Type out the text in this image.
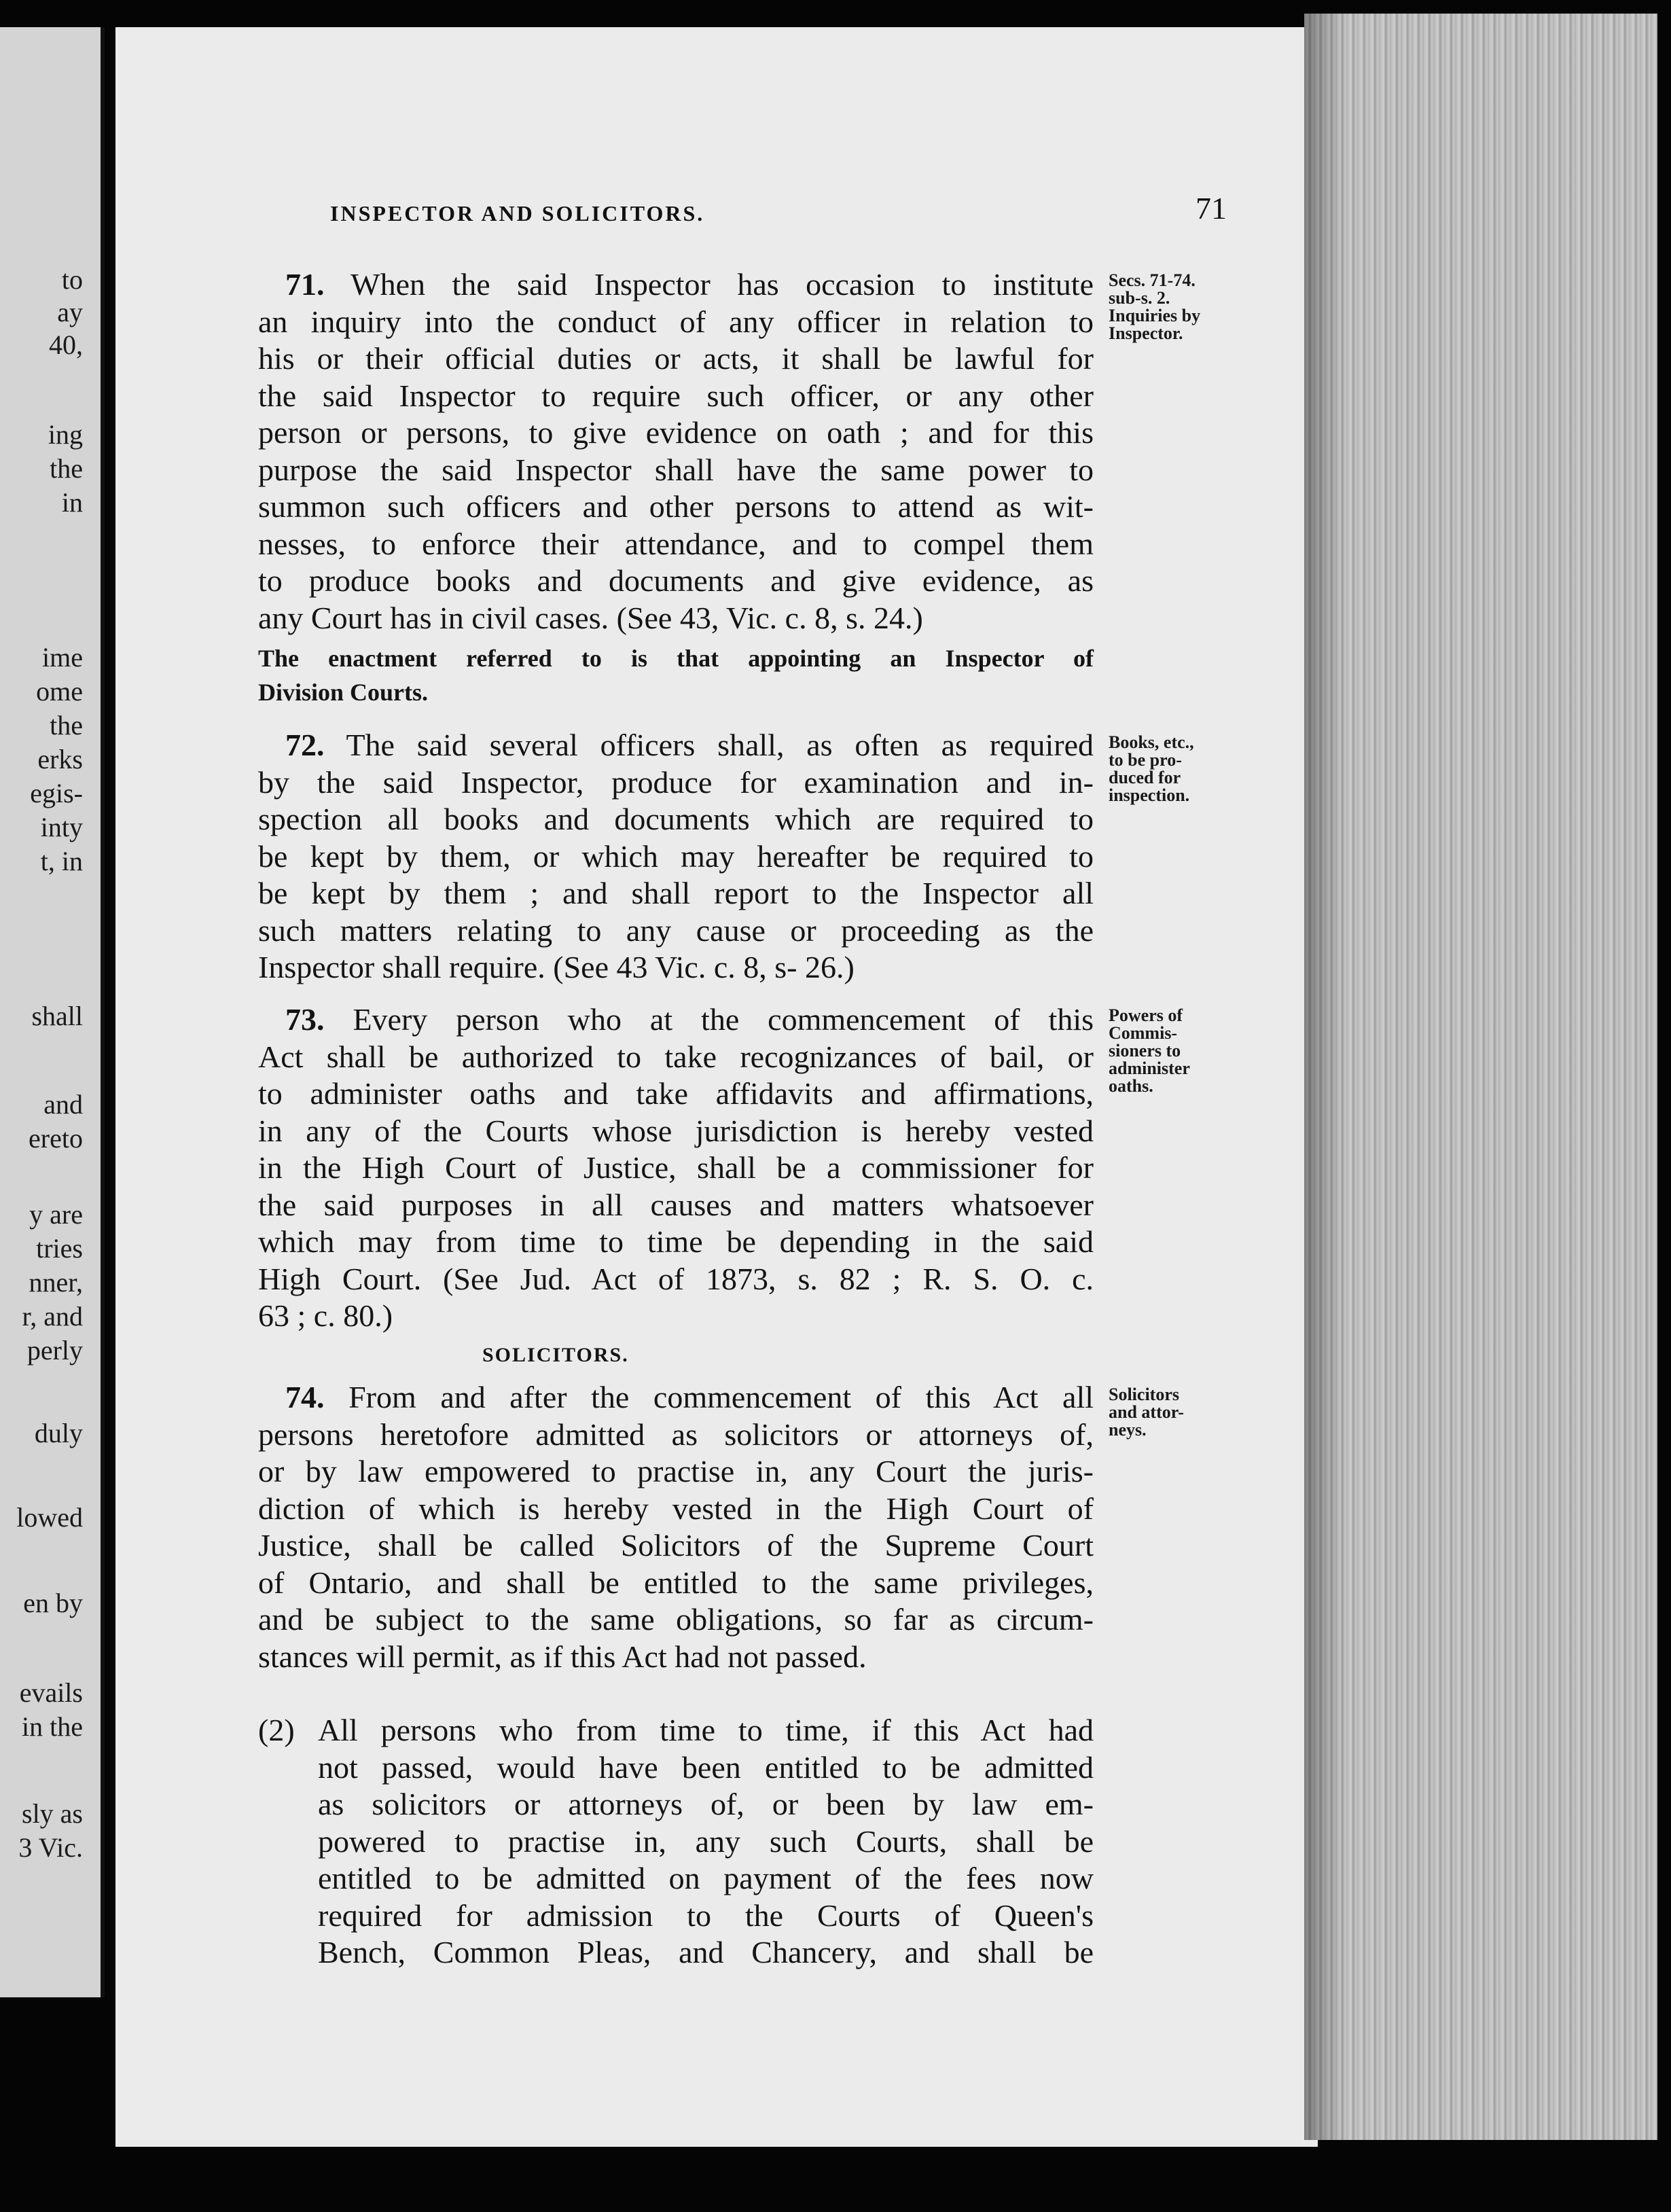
to
ay
40,
ing
the
in
ime
ome
the
erks
egis-
inty
t, in
shall
and
ereto
y are
tries
nner,
r, and
perly
duly
lowed
en by
evails
in the
sly as
3 Vic.
INSPECTOR AND SOLICITORS.	71
71. When the said Inspector has occasion to institute
an inquiry into the conduct of any officer in relation to
his or their official duties or acts, it shall be lawful for
the said Inspector to require such officer, or any other
person or persons, to give evidence on oath ; and for this
purpose the said Inspector shall have the same power to
summon such officers and other persons to attend as wit-
nesses, to enforce their attendance, and to compel them
to produce books and documents and give evidence, as
any Court has in civil cases. (See 43, Vic. c. 8, s. 24.)
Secs. 71-74.
sub-s. 2.
Inquiries by
Inspector.
The enactment referred to is that appointing an Inspector of
Division Courts.
72. The said several officers shall, as often as required
by the said Inspector, produce for examination and in-
spection all books and documents which are required to
be kept by them, or which may hereafter be required to
be kept by them ; and shall report to the Inspector all
such matters relating to any cause or proceeding as the
Inspector shall require. (See 43 Vic. c. 8, s- 26.)
Books, etc.,
to be pro-
duced for
inspection.
73. Every person who at the commencement of this
Act shall be authorized to take recognizances of bail, or
to administer oaths and take affidavits and affirmations,
in any of the Courts whose jurisdiction is hereby vested
in the High Court of Justice, shall be a commissioner for
the said purposes in all causes and matters whatsoever
which may from time to time be depending in the said
High Court. (See Jud. Act of 1873, s. 82 ; R. S. O. c.
63 ; c. 80.)
Powers of
Commis-
sioners to
administer
oaths.
SOLICITORS.
74. From and after the commencement of this Act all
persons heretofore admitted as solicitors or attorneys of,
or by law empowered to practise in, any Court the juris-
diction of which is hereby vested in the High Court of
Justice, shall be called Solicitors of the Supreme Court
of Ontario, and shall be entitled to the same privileges,
and be subject to the same obligations, so far as circum-
stances will permit, as if this Act had not passed.
Solicitors
and attor-
neys.
(2) All persons who from time to time, if this Act had
not passed, would have been entitled to be admitted
as solicitors or attorneys of, or been by law em-
powered to practise in, any such Courts, shall be
entitled to be admitted on payment of the fees now
required for admission to the Courts of Queen's
Bench, Common Pleas, and Chancery, and shall be
